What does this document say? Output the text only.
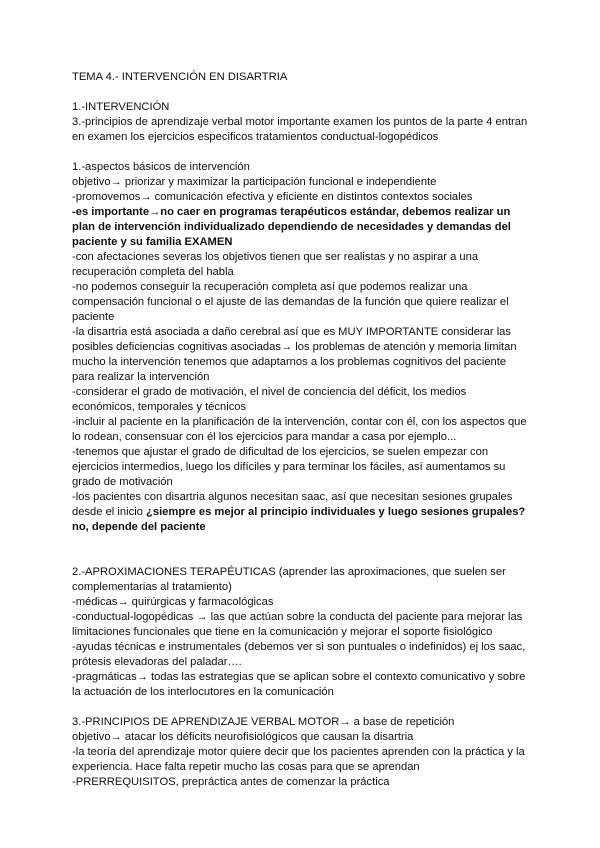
TEMA 4.- INTERVENCIÓN EN DISARTRIA
1.-INTERVENCIÓN
3.-principios de aprendizaje verbal motor importante examen los puntos de la parte 4 entran
en examen los ejercicios especificos tratamientos conductual-logopédicos
1.-aspectos básicos de intervención
objetivo→ priorizar y maximizar la participación funcional e independiente
-promovemos→ comunicación efectiva y eficiente en distintos contextos sociales
-es importante→no caer en programas terapéuticos estándar, debemos realizar un
plan de intervención individualizado dependiendo de necesidades y demandas del
paciente y su familia EXAMEN
-con afectaciones severas los objetivos tienen que ser realistas y no aspirar a una
recuperación completa del habla
-no podemos conseguir la recuperación completa así que podemos realizar una
compensación funcional o el ajuste de las demandas de la función que quiere realizar el
paciente
-la disartria está asociada a daño cerebral así que es MUY IMPORTANTE considerar las
posibles deficiencias cognitivas asociadas→ los problemas de atención y memoria limitan
mucho la intervención tenemos que adaptarnos a los problemas cognitivos del paciente
para realizar la intervención
-considerar el grado de motivación, el nivel de conciencia del déficit, los medios
económicos, temporales y técnicos
-incluir al paciente en la planificación de la intervención, contar con él, con los aspectos que
lo rodean, consensuar con él los ejercicios para mandar a casa por ejemplo...
-tenemos que ajustar el grado de dificultad de los ejercicios, se suelen empezar con
ejercicios intermedios, luego los difíciles y para terminar los fáciles, así aumentamos su
grado de motivación
-los pacientes con disartria algunos necesitan saac, así que necesitan sesiones grupales
desde el inicio ¿siempre es mejor al principio individuales y luego sesiones grupales?
no, depende del paciente
2.-APROXIMACIONES TERAPÉUTICAS (aprender las aproximaciones, que suelen ser
complementarias al tratamiento)
-médicas→ quirúrgicas y farmacológicas
-conductual-logopédicas → las que actúan sobre la conducta del paciente para mejorar las
limitaciones funcionales que tiene en la comunicación y mejorar el soporte fisiológico
-ayudas técnicas e instrumentales (debemos ver si son puntuales o indefinidos) ej los saac,
prótesis elevadoras del paladar….
-pragmáticas→ todas las estrategias que se aplican sobre el contexto comunicativo y sobre
la actuación de los interlocutores en la comunicación
3.-PRINCIPIOS DE APRENDIZAJE VERBAL MOTOR→ a base de repetición
objetivo→ atacar los déficits neurofisiológicos que causan la disartria
-la teoría del aprendizaje motor quiere decir que los pacientes aprenden con la práctica y la
experiencia. Hace falta repetir mucho las cosas para que se aprendan
-PRERREQUISITOS, prepráctica antes de comenzar la práctica
